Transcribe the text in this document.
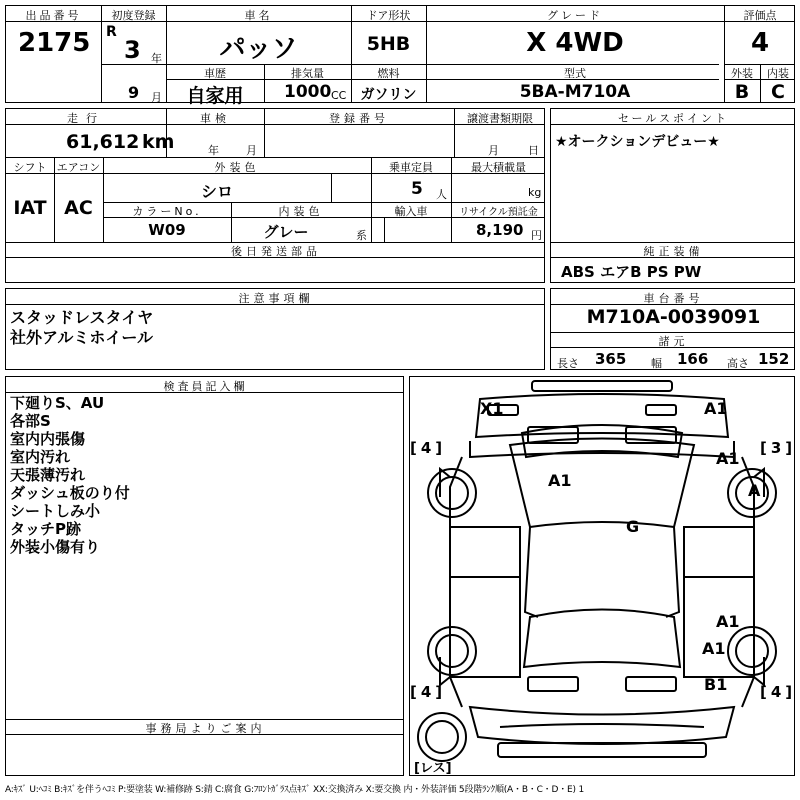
出品番号
2175
初度登録
R
3 年
9 月
車名
パッソ
ドア形状
5HB
グレード
X 4WD
評価点
4
車歴
自家用
排気量
1000 CC
燃料
ガソリン
型式
5BA-M710A
外装
B
内装
C
走行
61,612 km
車検
年 月
登録番号	譲渡書類期限
月	日
シフト
IAT
エアコン
AC
外装色
シロ
乗車定員
5 人
最大積載量
kg
カラーNo.
W09
内装色
グレー	系
輸入車	リサイクル預託金
8,190 円
後日発送部品
セールスポイント
★オークションデビュー★
純正装備
ABS エアB PS PW
注意事項欄
スタッドレスタイヤ
社外アルミホイール
車台番号
M710A-0039091
諸元
長さ 365 幅 166 高さ 152
検査員記入欄
下廻りS、AU
各部S
室内内張傷
室内汚れ
天張薄汚れ
ダッシュ板のり付
シートしみ小
タッチP跡
外装小傷有り
事務局よりご案内
X1	A1
A1
A
A1
G
A1
A1
B1
[4]	[3]
[4]	[4]
[レス]
A:ｷｽﾞ U:ﾍｺﾐ B:ｷｽﾞを伴うﾍｺﾐ P:要塗装 W:補修跡 S:錆 C:腐食 G:ﾌﾛﾝﾄｶﾞﾗｽ点ｷｽﾞ XX:交換済み X:要交換 内・外装評価 5段階ﾗﾝｸ順(A・B・C・D・E) 1
